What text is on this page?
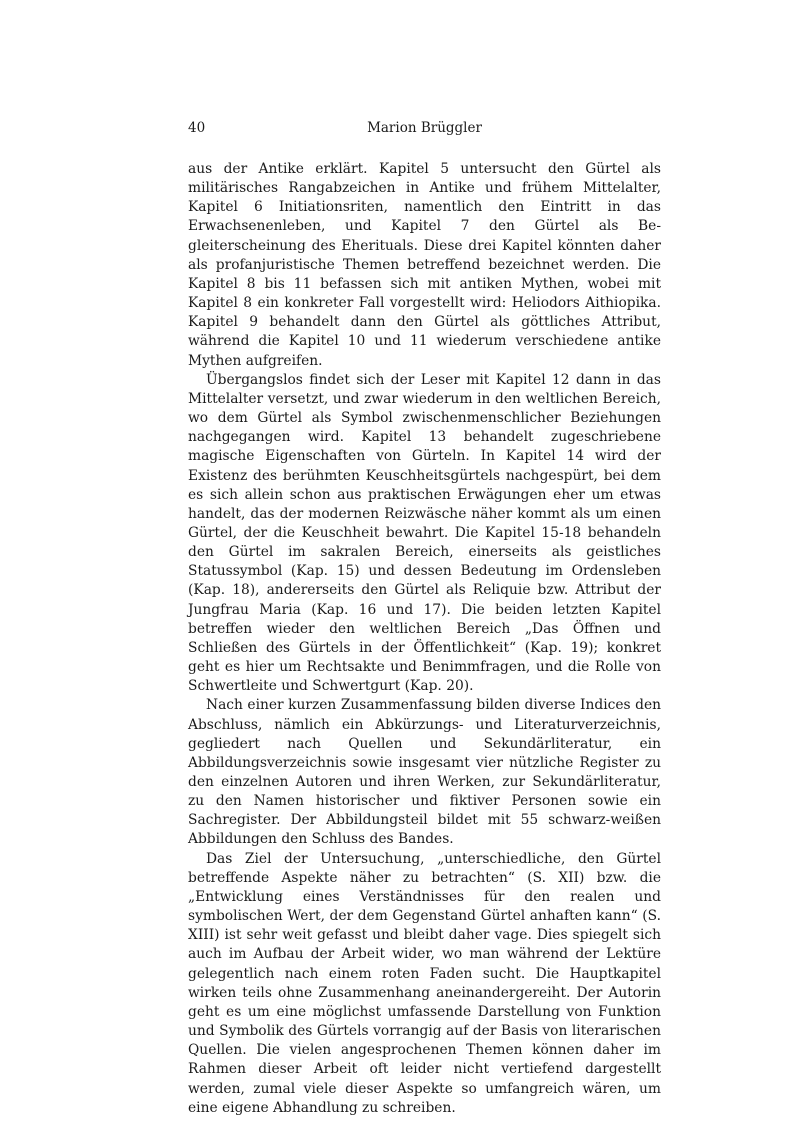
40	Marion Brüggler

aus der Antike erklärt. Kapitel 5 untersucht den Gürtel als militärisches Rangabzeichen in Antike und frühem Mittelalter, Kapitel 6 Initiationsriten, namentlich den Eintritt in das Erwachsenenleben, und Kapitel 7 den Gürtel als Begleiterscheinung des Eherituals. Diese drei Kapitel könnten daher als profanjuristische Themen betreffend bezeichnet werden. Die Kapitel 8 bis 11 befassen sich mit antiken Mythen, wobei mit Kapitel 8 ein konkreter Fall vorgestellt wird: Heliodors Aithiopika. Kapitel 9 behandelt dann den Gürtel als göttliches Attribut, während die Kapitel 10 und 11 wiederum verschiedene antike Mythen aufgreifen.

Übergangslos findet sich der Leser mit Kapitel 12 dann in das Mittelalter versetzt, und zwar wiederum in den weltlichen Bereich, wo dem Gürtel als Symbol zwischenmenschlicher Beziehungen nachgegangen wird. Kapitel 13 behandelt zugeschriebene magische Eigenschaften von Gürteln. In Kapitel 14 wird der Existenz des berühmten Keuschheitsgürtels nachgespürt, bei dem es sich allein schon aus praktischen Erwägungen eher um etwas handelt, das der modernen Reizwäsche näher kommt als um einen Gürtel, der die Keuschheit bewahrt. Die Kapitel 15-18 behandeln den Gürtel im sakralen Bereich, einerseits als geistliches Statussymbol (Kap. 15) und dessen Bedeutung im Ordensleben (Kap. 18), andererseits den Gürtel als Reliquie bzw. Attribut der Jungfrau Maria (Kap. 16 und 17). Die beiden letzten Kapitel betreffen wieder den weltlichen Bereich „Das Öffnen und Schließen des Gürtels in der Öffentlichkeit“ (Kap. 19); konkret geht es hier um Rechtsakte und Benimmfragen, und die Rolle von Schwertleite und Schwertgurt (Kap. 20).

Nach einer kurzen Zusammenfassung bilden diverse Indices den Abschluss, nämlich ein Abkürzungs- und Literaturverzeichnis, gegliedert nach Quellen und Sekundärliteratur, ein Abbildungsverzeichnis sowie insgesamt vier nützliche Register zu den einzelnen Autoren und ihren Werken, zur Sekundärliteratur, zu den Namen historischer und fiktiver Personen sowie ein Sachregister. Der Abbildungsteil bildet mit 55 schwarz-weißen Abbildungen den Schluss des Bandes.

Das Ziel der Untersuchung, „unterschiedliche, den Gürtel betreffende Aspekte näher zu betrachten“ (S. XII) bzw. die „Entwicklung eines Verständnisses für den realen und symbolischen Wert, der dem Gegenstand Gürtel anhaften kann“ (S. XIII) ist sehr weit gefasst und bleibt daher vage. Dies spiegelt sich auch im Aufbau der Arbeit wider, wo man während der Lektüre gelegentlich nach einem roten Faden sucht. Die Hauptkapitel wirken teils ohne Zusammenhang aneinandergereiht. Der Autorin geht es um eine möglichst umfassende Darstellung von Funktion und Symbolik des Gürtels vorrangig auf der Basis von literarischen Quellen. Die vielen angesprochenen Themen können daher im Rahmen dieser Arbeit oft leider nicht vertiefend dargestellt werden, zumal viele dieser Aspekte so umfangreich wären, um eine eigene Abhandlung zu schreiben.
